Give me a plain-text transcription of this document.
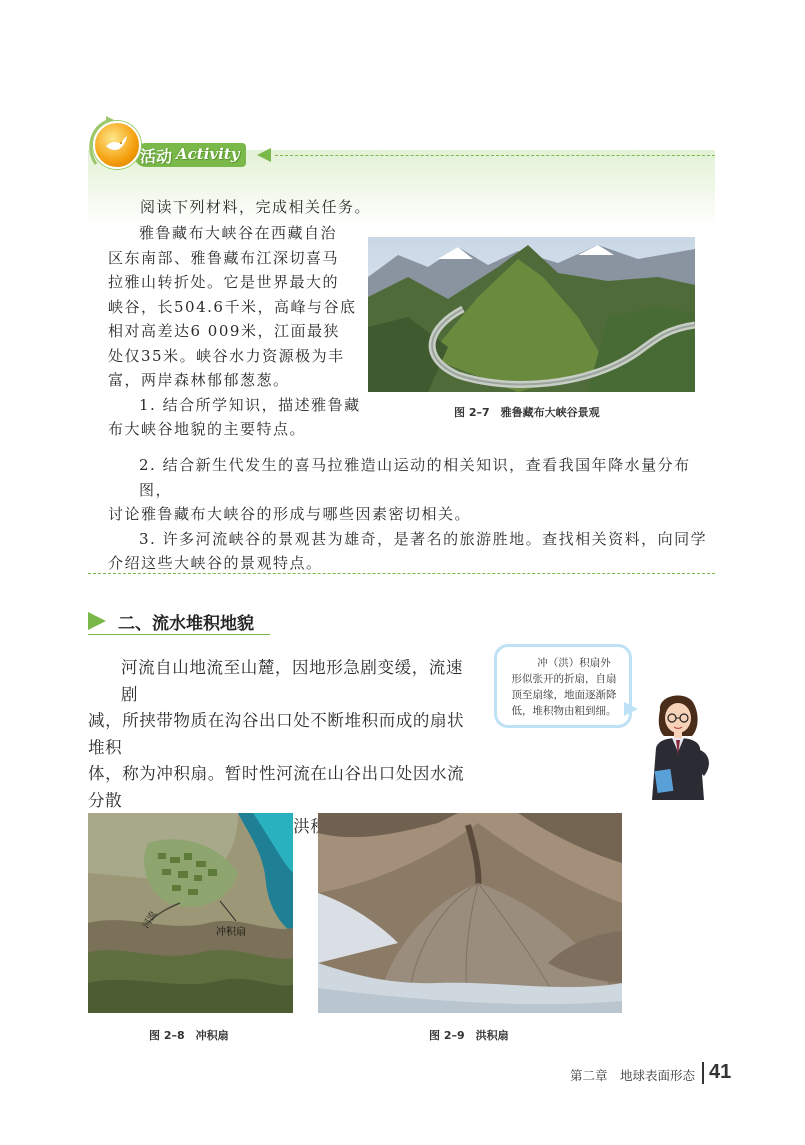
活动 Activity
阅读下列材料，完成相关任务。
雅鲁藏布大峡谷在西藏自治
区东南部、雅鲁藏布江深切喜马
拉雅山转折处。它是世界最大的
峡谷，长504.6千米，高峰与谷底
相对高差达6 009米，江面最狭
处仅35米。峡谷水力资源极为丰
富，两岸森林郁郁葱葱。
1. 结合所学知识，描述雅鲁藏
布大峡谷地貌的主要特点。
图 2–7　雅鲁藏布大峡谷景观
2. 结合新生代发生的喜马拉雅造山运动的相关知识，查看我国年降水量分布图，
讨论雅鲁藏布大峡谷的形成与哪些因素密切相关。
3. 许多河流峡谷的景观甚为雄奇，是著名的旅游胜地。查找相关资料，向同学
介绍这些大峡谷的景观特点。
二、流水堆积地貌
河流自山地流至山麓，因地形急剧变缓，流速剧
减，所挟带物质在沟谷出口处不断堆积而成的扇状堆积
体，称为冲积扇。暂时性河流在山谷出口处因水流分散
冲（洪）积扇外
形似张开的折扇，自扇
顶至扇缘，地面逐渐降
低，堆积物由粗到细。
河流
冲积扇
图 2–8　冲积扇	图 2–9　洪积扇
第二章　地球表面形态 41
